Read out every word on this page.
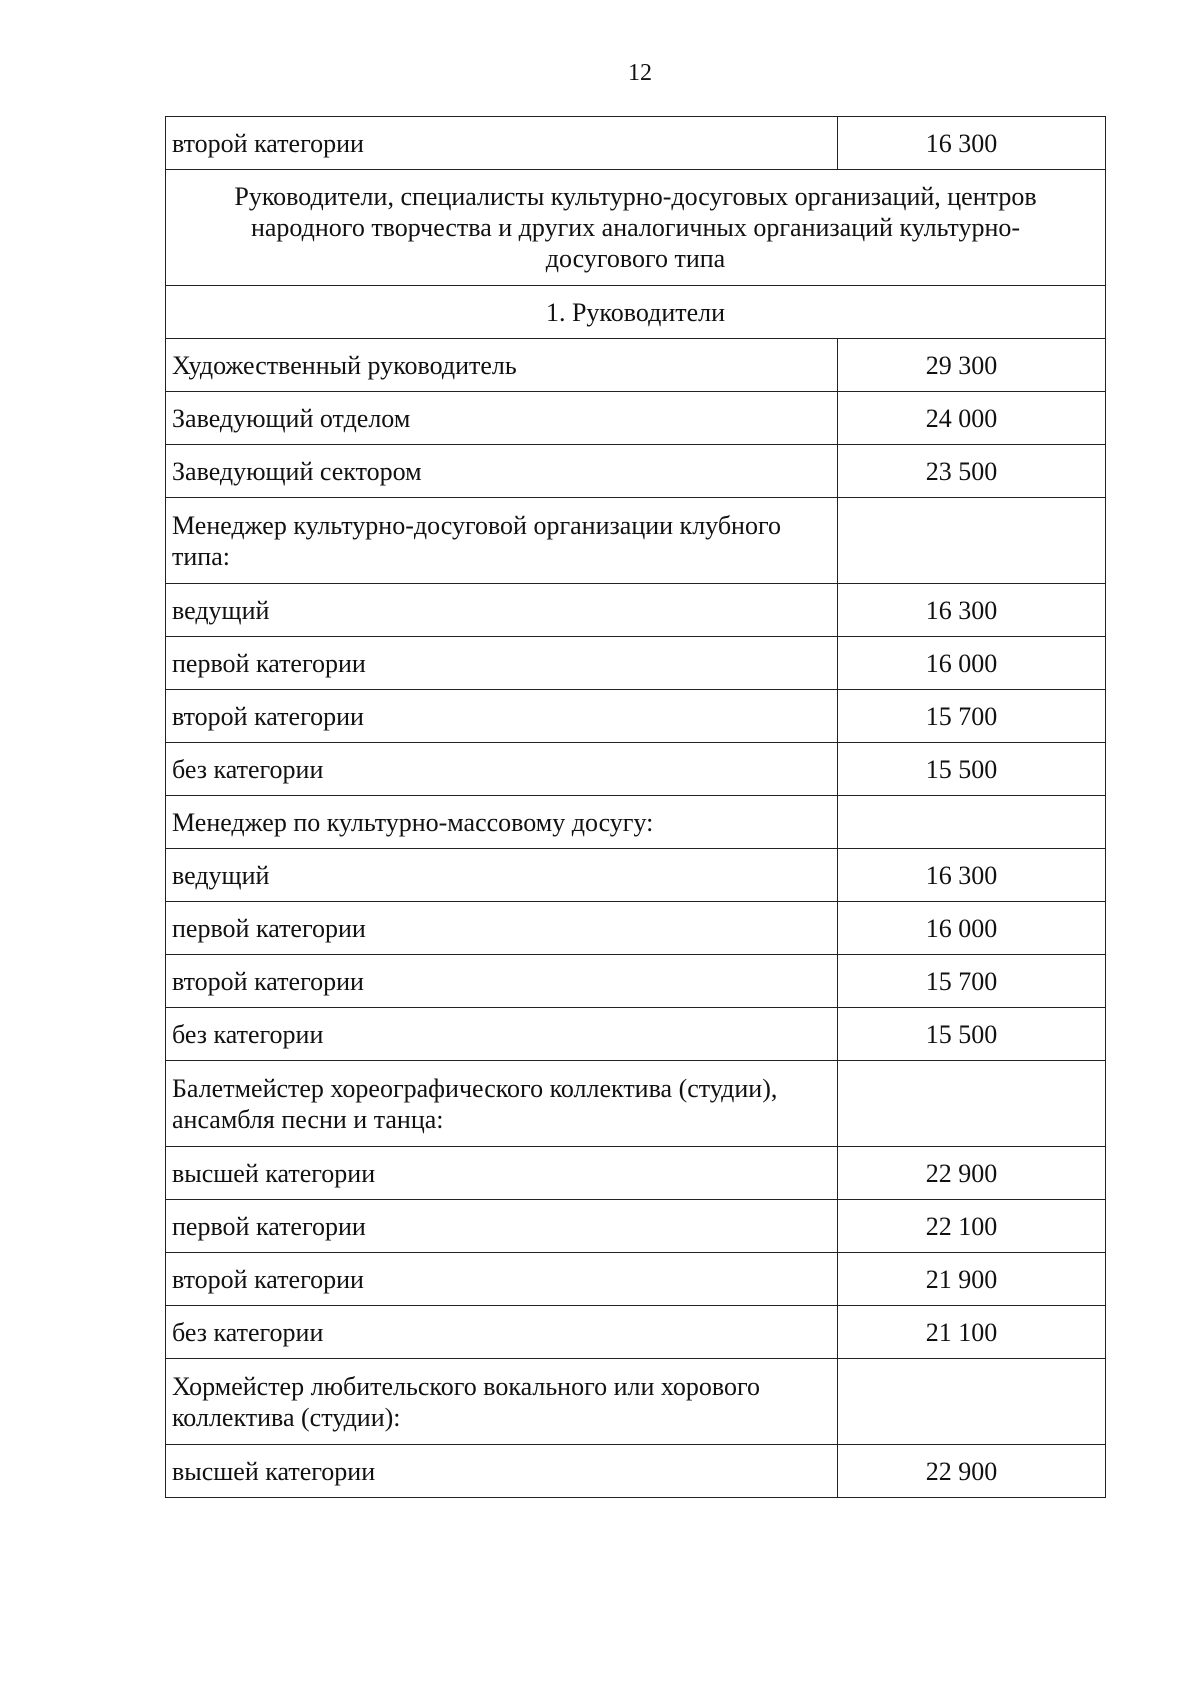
12
второй категории	16 300
Руководители, специалисты культурно-досуговых организаций, центров народного творчества и других аналогичных организаций культурно-досугового типа	
1. Руководители	
Художественный руководитель	29 300
Заведующий отделом	24 000
Заведующий сектором	23 500
Менеджер культурно-досуговой организации клубного типа:	
ведущий	16 300
первой категории	16 000
второй категории	15 700
без категории	15 500
Менеджер по культурно-массовому досугу:	
ведущий	16 300
первой категории	16 000
второй категории	15 700
без категории	15 500
Балетмейстер хореографического коллектива (студии), ансамбля песни и танца:	
высшей категории	22 900
первой категории	22 100
второй категории	21 900
без категории	21 100
Хормейстер любительского вокального или хорового коллектива (студии):	
высшей категории	22 900
